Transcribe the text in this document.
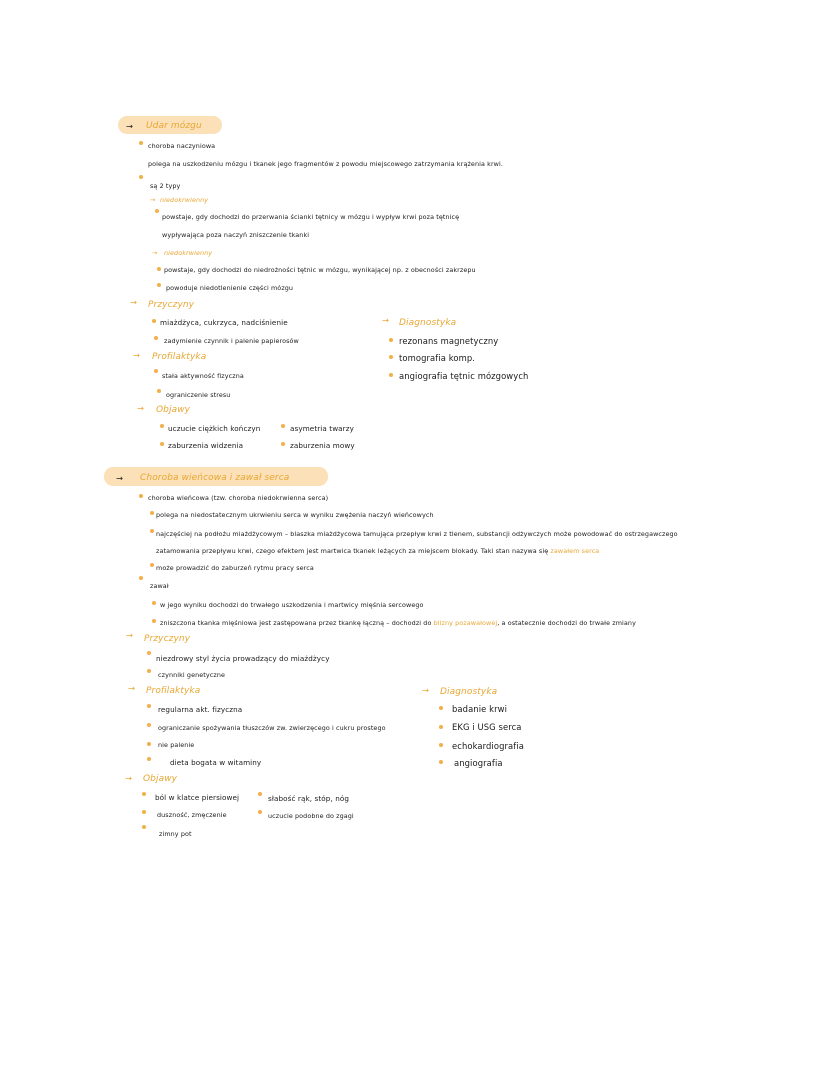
→ Udar mózgu
choroba naczyniowa
polega na uszkodzeniu mózgu i tkanek jego fragmentów z powodu miejscowego zatrzymania krążenia krwi.
są 2 typy
→ niedokrwienny
powstaje, gdy dochodzi do przerwania ścianki tętnicy w mózgu i wypływ krwi poza tętnicę
wypływająca poza naczyń zniszczenie tkanki
→ niedokrwienny
powstaje, gdy dochodzi do niedrożności tętnic w mózgu, wynikającej np. z obecności zakrzepu
powoduje niedotlenienie części mózgu
→ Przyczyny
miażdżyca, cukrzyca, nadciśnienie
zadymienie czynnik i palenie papierosów
→ Profilaktyka
stała aktywność fizyczna
ograniczenie stresu
→ Objawy
uczucie ciężkich kończyn
zaburzenia widzenia
asymetria twarzy
zaburzenia mowy
→ Diagnostyka
rezonans magnetyczny
tomografia komp.
angiografia tętnic mózgowych
→ Choroba wieńcowa i zawał serca
choroba wieńcowa (tzw. choroba niedokrwienna serca)
polega na niedostatecznym ukrwieniu serca w wyniku zwężenia naczyń wieńcowych
najczęściej na podłożu miażdżycowym – blaszka miażdżycowa tamująca przepływ krwi z tlenem, substancji odżywczych może powodować do ostrzegawczego
zatamowania przepływu krwi, czego efektem jest martwica tkanek leżących za miejscem blokady. Taki stan nazywa się zawałem serca
może prowadzić do zaburzeń rytmu pracy serca
zawał
w jego wyniku dochodzi do trwałego uszkodzenia i martwicy mięśnia sercowego
zniszczona tkanka mięśniowa jest zastępowana przez tkankę łączną – dochodzi do blizny pozawałowej, a ostatecznie dochodzi do trwałe zmiany
→ Przyczyny
niezdrowy styl życia prowadzący do miażdżycy
czynniki genetyczne
→ Profilaktyka
regularna akt. fizyczna
ograniczanie spożywania tłuszczów zw. zwierzęcego i cukru prostego
nie palenie
dieta bogata w witaminy
→ Objawy
ból w klatce piersiowej
duszność, zmęczenie
zimny pot
słabość rąk, stóp, nóg
uczucie podobne do zgagi
→ Diagnostyka
badanie krwi
EKG i USG serca
echokardiografia
angiografia
